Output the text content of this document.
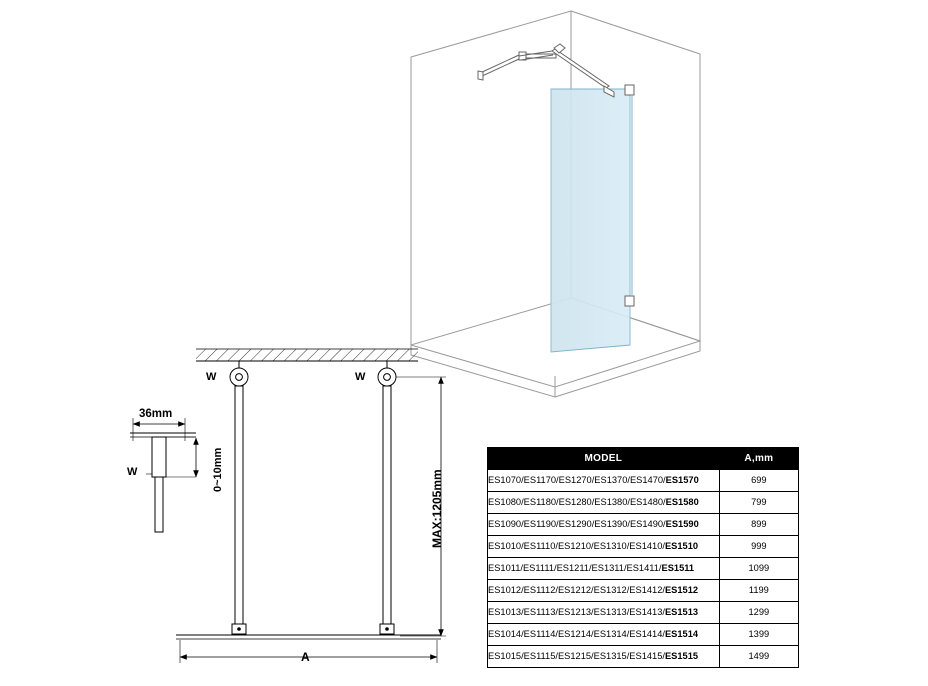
W	W
W
36mm
0~10mm	MAX:1205mm
A
MODEL	A,mm
ES1070/ES1170/ES1270/ES1370/ES1470/ES1570	699
ES1080/ES1180/ES1280/ES1380/ES1480/ES1580	799
ES1090/ES1190/ES1290/ES1390/ES1490/ES1590	899
ES1010/ES1110/ES1210/ES1310/ES1410/ES1510	999
ES1011/ES1111/ES1211/ES1311/ES1411/ES1511	1099
ES1012/ES1112/ES1212/ES1312/ES1412/ES1512	1199
ES1013/ES1113/ES1213/ES1313/ES1413/ES1513	1299
ES1014/ES1114/ES1214/ES1314/ES1414/ES1514	1399
ES1015/ES1115/ES1215/ES1315/ES1415/ES1515	1499
